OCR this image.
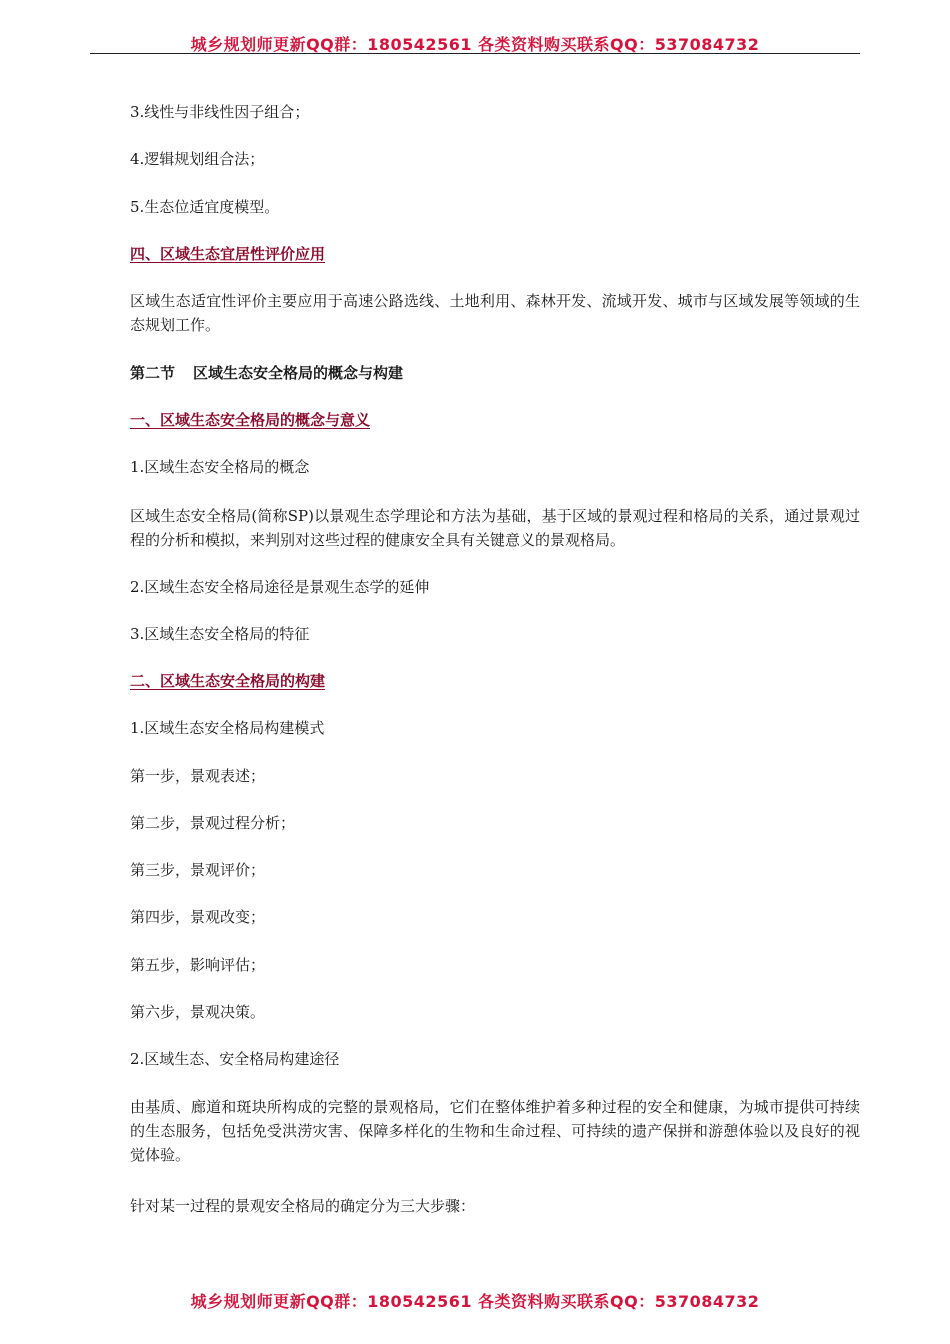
城乡规划师更新QQ群：180542561 各类资料购买联系QQ：537084732
3.线性与非线性因子组合；
4.逻辑规划组合法；
5.生态位适宜度模型。
四、区域生态宜居性评价应用
区域生态适宜性评价主要应用于高速公路选线、土地利用、森林开发、流域开发、城市与区域发展等领域的生态规划工作。
第二节 区域生态安全格局的概念与构建
一、区域生态安全格局的概念与意义
1.区域生态安全格局的概念
区域生态安全格局(简称SP)以景观生态学理论和方法为基础，基于区域的景观过程和格局的关系，通过景观过程的分析和模拟，来判别对这些过程的健康安全具有关键意义的景观格局。
2.区域生态安全格局途径是景观生态学的延伸
3.区域生态安全格局的特征
二、区域生态安全格局的构建
1.区域生态安全格局构建模式
第一步，景观表述；
第二步，景观过程分析；
第三步，景观评价；
第四步，景观改变；
第五步，影响评估；
第六步，景观决策。
2.区域生态、安全格局构建途径
由基质、廊道和斑块所构成的完整的景观格局，它们在整体维护着多种过程的安全和健康，为城市提供可持续的生态服务，包括免受洪涝灾害、保障多样化的生物和生命过程、可持续的遗产保拼和游憩体验以及良好的视觉体验。
针对某一过程的景观安全格局的确定分为三大步骤：
城乡规划师更新QQ群：180542561 各类资料购买联系QQ：537084732
